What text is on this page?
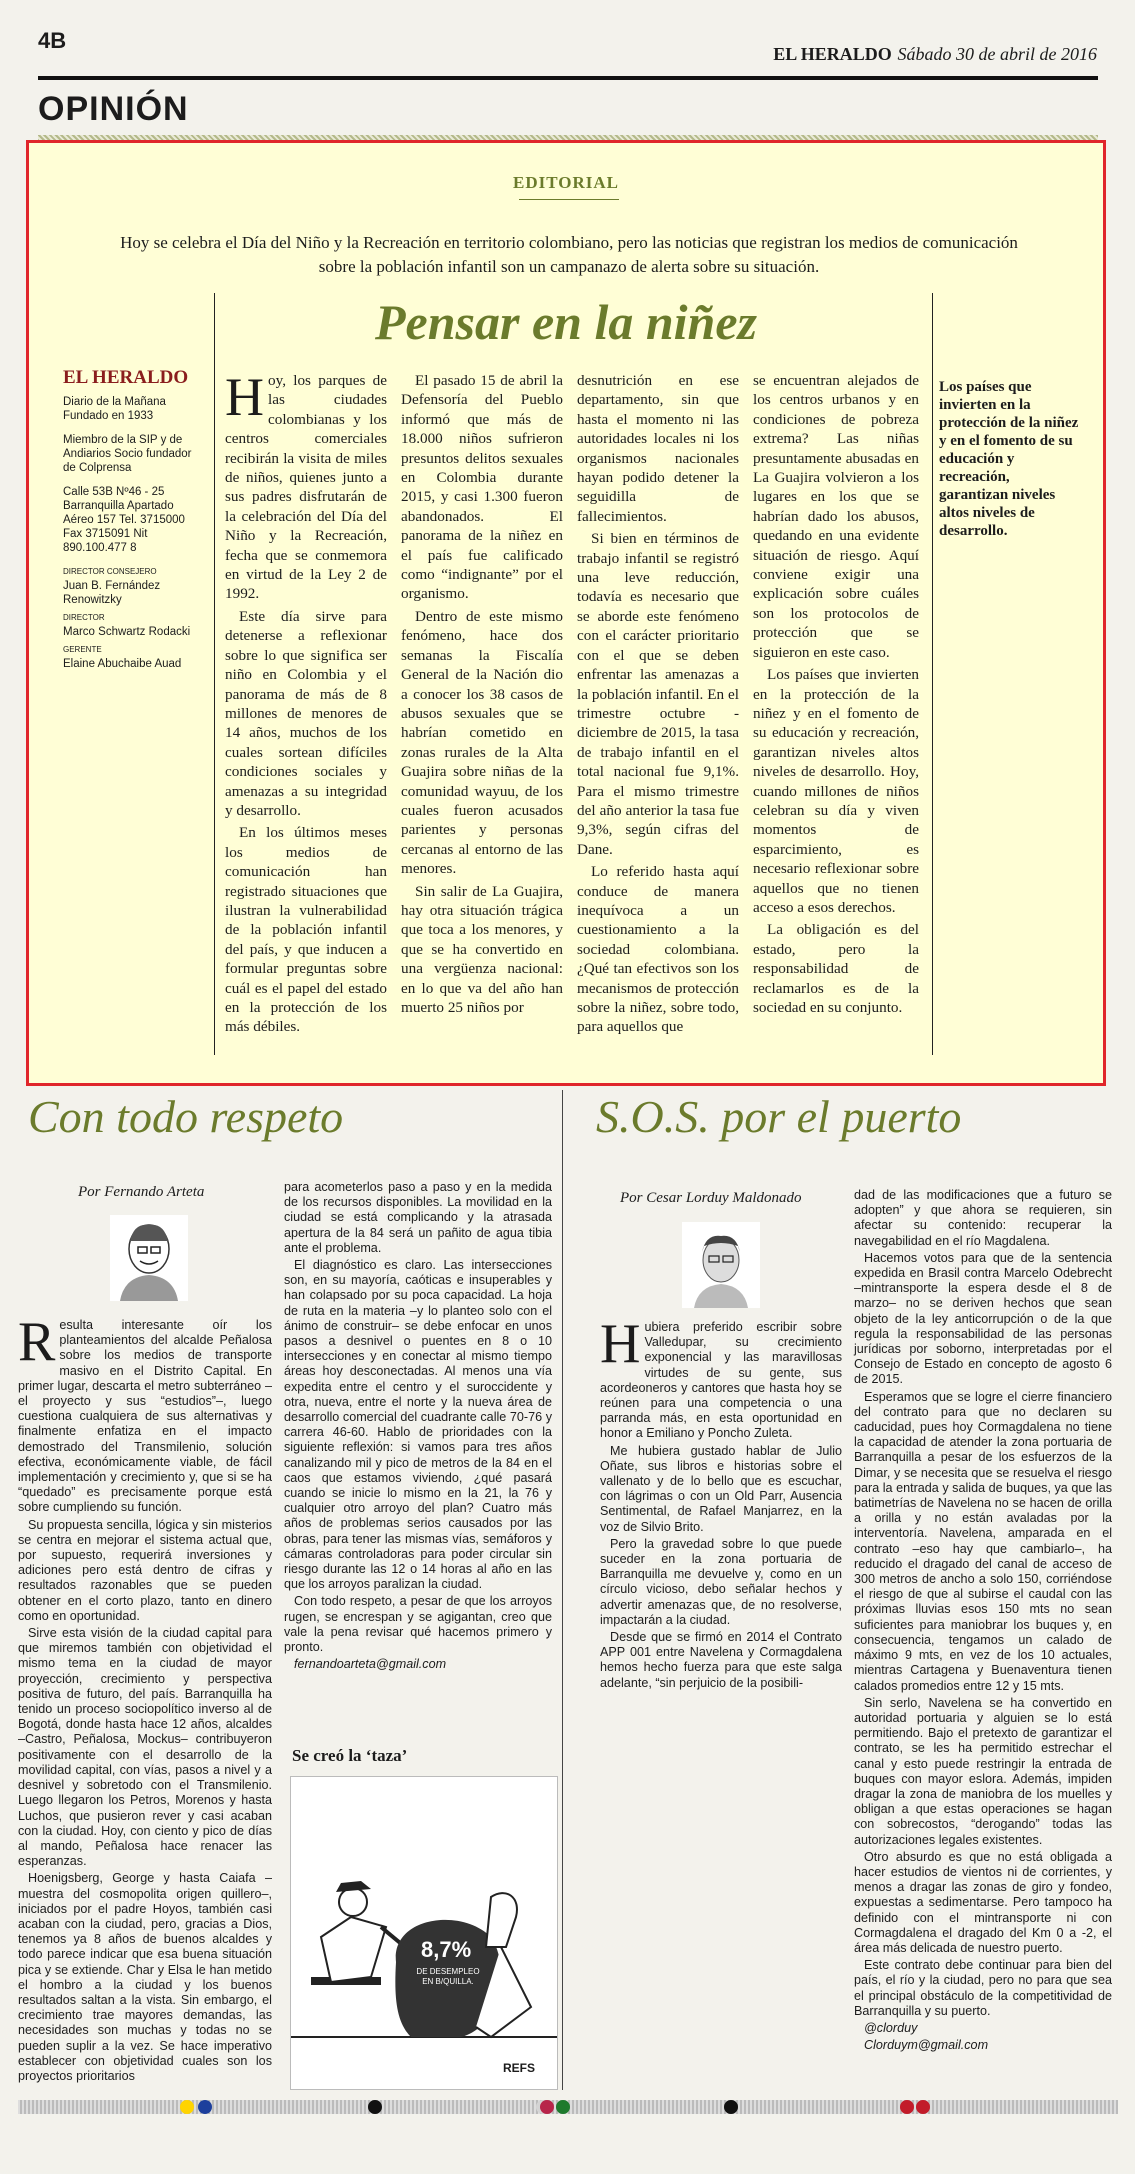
4B
EL HERALDO Sábado 30 de abril de 2016
OPINIÓN
EDITORIAL
Hoy se celebra el Día del Niño y la Recreación en territorio colombiano, pero las noticias que registran los medios de comunicación sobre la población infantil son un campanazo de alerta sobre su situación.
Pensar en la niñez
EL HERALDO

Diario de la Mañana Fundado en 1933

Miembro de la SIP y de Andiarios Socio fundador de Colprensa

Calle 53B Nº46 - 25 Barranquilla Apartado Aéreo 157 Tel. 3715000 Fax 3715091 Nit 890.100.477 8

DIRECTOR CONSEJERO
Juan B. Fernández Renowitzky
DIRECTOR
Marco Schwartz Rodacki
GERENTE
Elaine Abuchaibe Auad

Hoy, los parques de las ciudades colombianas y los centros comerciales recibirán la visita de miles de niños, quienes junto a sus padres disfrutarán de la celebración del Día del Niño y la Recreación, fecha que se conmemora en virtud de la Ley 2 de 1992.

Este día sirve para detenerse a reflexionar sobre lo que significa ser niño en Colombia y el panorama de más de 8 millones de menores de 14 años, muchos de los cuales sortean difíciles condiciones sociales y amenazas a su integridad y desarrollo.

En los últimos meses los medios de comunicación han registrado situaciones que ilustran la vulnerabilidad de la población infantil del país, y que inducen a formular preguntas sobre cuál es el papel del estado en la protección de los más débiles.

El pasado 15 de abril la Defensoría del Pueblo informó que más de 18.000 niños sufrieron presuntos delitos sexuales en Colombia durante 2015, y casi 1.300 fueron abandonados. El panorama de la niñez en el país fue calificado como “indignante” por el organismo.

Dentro de este mismo fenómeno, hace dos semanas la Fiscalía General de la Nación dio a conocer los 38 casos de abusos sexuales que se habrían cometido en zonas rurales de la Alta Guajira sobre niñas de la comunidad wayuu, de los cuales fueron acusados parientes y personas cercanas al entorno de las menores.

Sin salir de La Guajira, hay otra situación trágica que toca a los menores, y que se ha convertido en una vergüenza nacional: en lo que va del año han muerto 25 niños por

desnutrición en ese departamento, sin que hasta el momento ni las autoridades locales ni los organismos nacionales hayan podido detener la seguidilla de fallecimientos.

Si bien en términos de trabajo infantil se registró una leve reducción, todavía es necesario que se aborde este fenómeno con el carácter prioritario con el que se deben enfrentar las amenazas a la población infantil. En el trimestre octubre - diciembre de 2015, la tasa de trabajo infantil en el total nacional fue 9,1%. Para el mismo trimestre del año anterior la tasa fue 9,3%, según cifras del Dane.

Lo referido hasta aquí conduce de manera inequívoca a un cuestionamiento a la sociedad colombiana. ¿Qué tan efectivos son los mecanismos de protección sobre la niñez, sobre todo, para aquellos que

se encuentran alejados de los centros urbanos y en condiciones de pobreza extrema? Las niñas presuntamente abusadas en La Guajira volvieron a los lugares en los que se habrían dado los abusos, quedando en una evidente situación de riesgo. Aquí conviene exigir una explicación sobre cuáles son los protocolos de protección que se siguieron en este caso.

Los países que invierten en la protección de la niñez y en el fomento de su educación y recreación, garantizan niveles altos niveles de desarrollo. Hoy, cuando millones de niños celebran su día y viven momentos de esparcimiento, es necesario reflexionar sobre aquellos que no tienen acceso a esos derechos.

La obligación es del estado, pero la responsabilidad de reclamarlos es de la sociedad en su conjunto.

Los países que invierten en la protección de la niñez y en el fomento de su educación y recreación, garantizan niveles altos niveles de desarrollo.
Con todo respeto
Por Fernando Arteta

Resulta interesante oír los planteamientos del alcalde Peñalosa sobre los medios de transporte masivo en el Distrito Capital. En primer lugar, descarta el metro subterráneo –el proyecto y sus “estudios”–, luego cuestiona cualquiera de sus alternativas y finalmente enfatiza en el impacto demostrado del Transmilenio, solución efectiva, económicamente viable, de fácil implementación y crecimiento y, que si se ha “quedado” es precisamente porque está sobre cumpliendo su función.

Su propuesta sencilla, lógica y sin misterios se centra en mejorar el sistema actual que, por supuesto, requerirá inversiones y adiciones pero está dentro de cifras y resultados razonables que se pueden obtener en el corto plazo, tanto en dinero como en oportunidad.

Sirve esta visión de la ciudad capital para que miremos también con objetividad el mismo tema en la ciudad de mayor proyección, crecimiento y perspectiva positiva de futuro, del país. Barranquilla ha tenido un proceso sociopolítico inverso al de Bogotá, donde hasta hace 12 años, alcaldes –Castro, Peñalosa, Mockus– contribuyeron positivamente con el desarrollo de la movilidad capital, con vías, pasos a nivel y a desnivel y sobretodo con el Transmilenio. Luego llegaron los Petros, Morenos y hasta Luchos, que pusieron rever y casi acaban con la ciudad. Hoy, con ciento y pico de días al mando, Peñalosa hace renacer las esperanzas.

Hoenigsberg, George y hasta Caiafa –muestra del cosmopolita origen quillero–, iniciados por el padre Hoyos, también casi acaban con la ciudad, pero, gracias a Dios, tenemos ya 8 años de buenos alcaldes y todo parece indicar que esa buena situación pica y se extiende. Char y Elsa le han metido el hombro a la ciudad y los buenos resultados saltan a la vista. Sin embargo, el crecimiento trae mayores demandas, las necesidades son muchas y todas no se pueden suplir a la vez. Se hace imperativo establecer con objetividad cuales son los proyectos prioritarios

para acometerlos paso a paso y en la medida de los recursos disponibles. La movilidad en la ciudad se está complicando y la atrasada apertura de la 84 será un pañito de agua tibia ante el problema.

El diagnóstico es claro. Las intersecciones son, en su mayoría, caóticas e insuperables y han colapsado por su poca capacidad. La hoja de ruta en la materia –y lo planteo solo con el ánimo de construir– se debe enfocar en unos pasos a desnivel o puentes en 8 o 10 intersecciones y en conectar al mismo tiempo áreas hoy desconectadas. Al menos una vía expedita entre el centro y el suroccidente y otra, nueva, entre el norte y la nueva área de desarrollo comercial del cuadrante calle 70-76 y carrera 46-60. Hablo de prioridades con la siguiente reflexión: si vamos para tres años canalizando mil y pico de metros de la 84 en el caos que estamos viviendo, ¿qué pasará cuando se inicie lo mismo en la 21, la 76 y cualquier otro arroyo del plan? Cuatro más años de problemas serios causados por las obras, para tener las mismas vías, semáforos y cámaras controladoras para poder circular sin riesgo durante las 12 o 14 horas al año en las que los arroyos paralizan la ciudad.

Con todo respeto, a pesar de que los arroyos rugen, se encrespan y se agigantan, creo que vale la pena revisar qué hacemos primero y pronto.

fernandoarteta@gmail.com

Se creó la ‘taza’
8,7%
DE DESEMPLEO EN B/QUILLA.
REFS
S.O.S. por el puerto
Por Cesar Lorduy Maldonado

Hubiera preferido escribir sobre Valledupar, su crecimiento exponencial y las maravillosas virtudes de su gente, sus acordeoneros y cantores que hasta hoy se reúnen para una competencia o una parranda más, en esta oportunidad en honor a Emiliano y Poncho Zuleta.

Me hubiera gustado hablar de Julio Oñate, sus libros e historias sobre el vallenato y de lo bello que es escuchar, con lágrimas o con un Old Parr, Ausencia Sentimental, de Rafael Manjarrez, en la voz de Silvio Brito.

Pero la gravedad sobre lo que puede suceder en la zona portuaria de Barranquilla me devuelve y, como en un círculo vicioso, debo señalar hechos y advertir amenazas que, de no resolverse, impactarán a la ciudad.

Desde que se firmó en 2014 el Contrato APP 001 entre Navelena y Cormagdalena hemos hecho fuerza para que este salga adelante, “sin perjuicio de la posibili-

dad de las modificaciones que a futuro se adopten” y que ahora se requieren, sin afectar su contenido: recuperar la navegabilidad en el río Magdalena.

Hacemos votos para que de la sentencia expedida en Brasil contra Marcelo Odebrecht –mintransporte la espera desde el 8 de marzo– no se deriven hechos que sean objeto de la ley anticorrupción o de la que regula la responsabilidad de las personas jurídicas por soborno, interpretadas por el Consejo de Estado en concepto de agosto 6 de 2015.

Esperamos que se logre el cierre financiero del contrato para que no declaren su caducidad, pues hoy Cormagdalena no tiene la capacidad de atender la zona portuaria de Barranquilla a pesar de los esfuerzos de la Dimar, y se necesita que se resuelva el riesgo para la entrada y salida de buques, ya que las batimetrías de Navelena no se hacen de orilla a orilla y no están avaladas por la interventoría. Navelena, amparada en el contrato –eso hay que cambiarlo–, ha reducido el dragado del canal de acceso de 300 metros de ancho a solo 150, corriéndose el riesgo de que al subirse el caudal con las próximas lluvias esos 150 mts no sean suficientes para maniobrar los buques y, en consecuencia, tengamos un calado de máximo 9 mts, en vez de los 10 actuales, mientras Cartagena y Buenaventura tienen calados promedios entre 12 y 15 mts.

Sin serlo, Navelena se ha convertido en autoridad portuaria y alguien se lo está permitiendo. Bajo el pretexto de garantizar el contrato, se les ha permitido estrechar el canal y esto puede restringir la entrada de buques con mayor eslora. Además, impiden dragar la zona de maniobra de los muelles y obligan a que estas operaciones se hagan con sobrecostos, “derogando” todas las autorizaciones legales existentes.

Otro absurdo es que no está obligada a hacer estudios de vientos ni de corrientes, y menos a dragar las zonas de giro y fondeo, expuestas a sedimentarse. Pero tampoco ha definido con el mintransporte ni con Cormagdalena el dragado del Km 0 a -2, el área más delicada de nuestro puerto.

Este contrato debe continuar para bien del país, el río y la ciudad, pero no para que sea el principal obstáculo de la competitividad de Barranquilla y su puerto.

@clorduy

Clorduym@gmail.com
